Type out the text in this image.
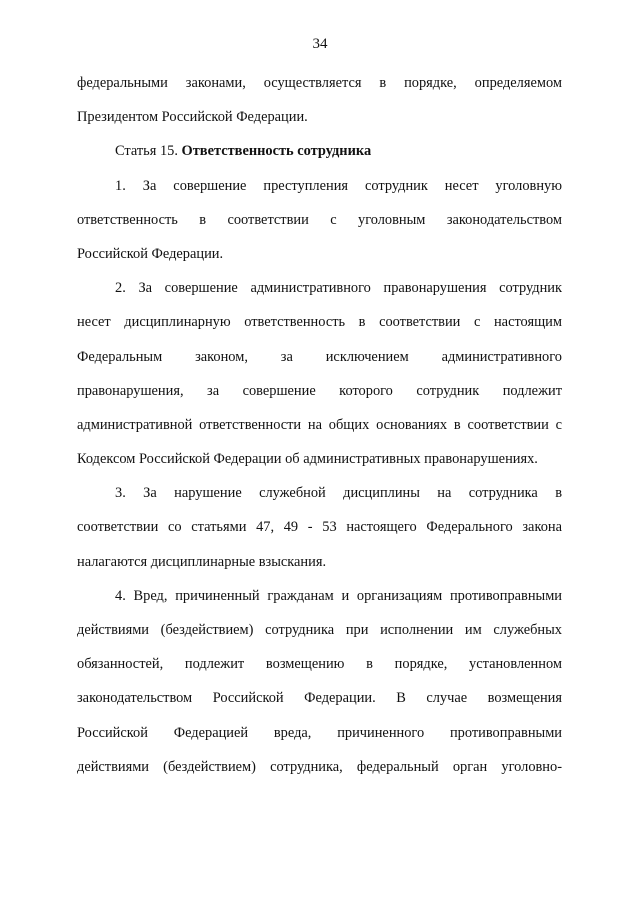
34

федеральными законами, осуществляется в порядке, определяемом
Президентом Российской Федерации.

Статья 15. Ответственность сотрудника

1. За совершение преступления сотрудник несет уголовную
ответственность в соответствии с уголовным законодательством
Российской Федерации.

2. За совершение административного правонарушения сотрудник
несет дисциплинарную ответственность в соответствии с настоящим
Федеральным законом, за исключением административного
правонарушения, за совершение которого сотрудник подлежит
административной ответственности на общих основаниях в соответствии с
Кодексом Российской Федерации об административных правонарушениях.

3. За нарушение служебной дисциплины на сотрудника в
соответствии со статьями 47, 49 - 53 настоящего Федерального закона
налагаются дисциплинарные взыскания.

4. Вред, причиненный гражданам и организациям противоправными
действиями (бездействием) сотрудника при исполнении им служебных
обязанностей, подлежит возмещению в порядке, установленном
законодательством Российской Федерации. В случае возмещения
Российской Федерацией вреда, причиненного противоправными
действиями (бездействием) сотрудника, федеральный орган уголовно-
